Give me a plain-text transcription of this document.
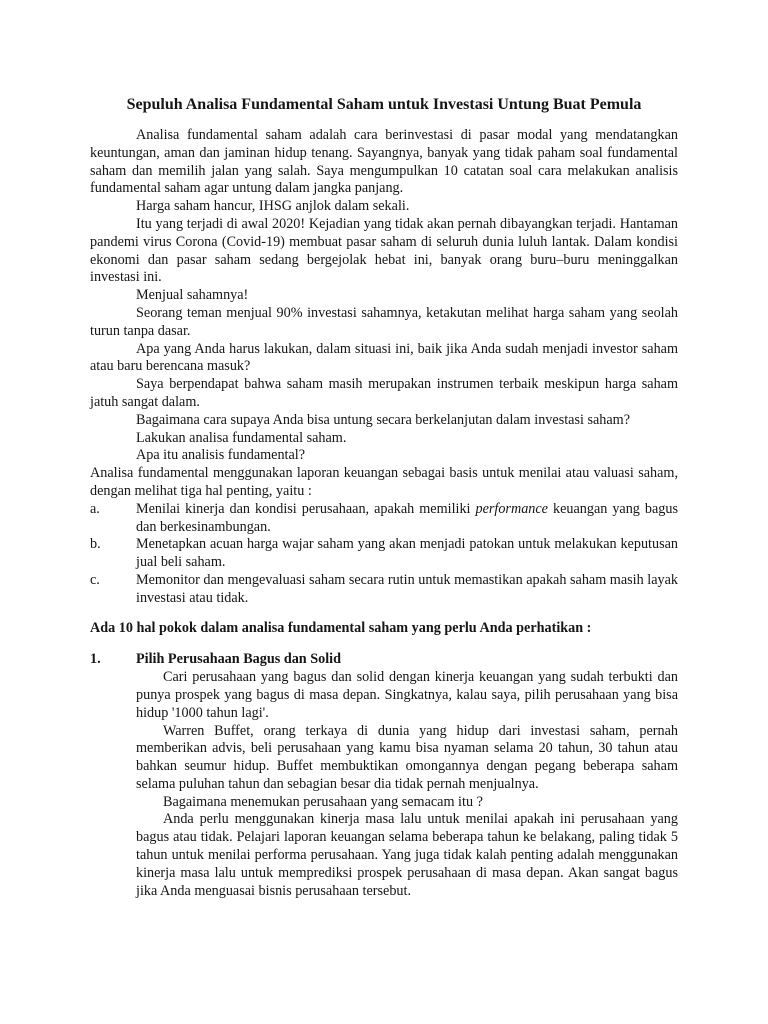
Sepuluh Analisa Fundamental Saham untuk Investasi Untung Buat Pemula

Analisa fundamental saham adalah cara berinvestasi di pasar modal yang mendatangkan keuntungan, aman dan jaminan hidup tenang. Sayangnya, banyak yang tidak paham soal fundamental saham dan memilih jalan yang salah. Saya mengumpulkan 10 catatan soal cara melakukan analisis fundamental saham agar untung dalam jangka panjang.

Harga saham hancur, IHSG anjlok dalam sekali.

Itu yang terjadi di awal 2020! Kejadian yang tidak akan pernah dibayangkan terjadi. Hantaman pandemi virus Corona (Covid-19) membuat pasar saham di seluruh dunia luluh lantak. Dalam kondisi ekonomi dan pasar saham sedang bergejolak hebat ini, banyak orang buru–buru meninggalkan investasi ini.

Menjual sahamnya!

Seorang teman menjual 90% investasi sahamnya, ketakutan melihat harga saham yang seolah turun tanpa dasar.

Apa yang Anda harus lakukan, dalam situasi ini, baik jika Anda sudah menjadi investor saham atau baru berencana masuk?

Saya berpendapat bahwa saham masih merupakan instrumen terbaik meskipun harga saham jatuh sangat dalam.

Bagaimana cara supaya Anda bisa untung secara berkelanjutan dalam investasi saham?

Lakukan analisa fundamental saham.

Apa itu analisis fundamental?

Analisa fundamental menggunakan laporan keuangan sebagai basis untuk menilai atau valuasi saham, dengan melihat tiga hal penting, yaitu :

a.	Menilai kinerja dan kondisi perusahaan, apakah memiliki performance keuangan yang bagus dan berkesinambungan.
b.	Menetapkan acuan harga wajar saham yang akan menjadi patokan untuk melakukan keputusan jual beli saham.
c.	Memonitor dan mengevaluasi saham secara rutin untuk memastikan apakah saham masih layak investasi atau tidak.

Ada 10 hal pokok dalam analisa fundamental saham yang perlu Anda perhatikan :

1.	Pilih Perusahaan Bagus dan Solid

Cari perusahaan yang bagus dan solid dengan kinerja keuangan yang sudah terbukti dan punya prospek yang bagus di masa depan. Singkatnya, kalau saya, pilih perusahaan yang bisa hidup '1000 tahun lagi'.

Warren Buffet, orang terkaya di dunia yang hidup dari investasi saham, pernah memberikan advis, beli perusahaan yang kamu bisa nyaman selama 20 tahun, 30 tahun atau bahkan seumur hidup. Buffet membuktikan omongannya dengan pegang beberapa saham selama puluhan tahun dan sebagian besar dia tidak pernah menjualnya.

Bagaimana menemukan perusahaan yang semacam itu ?

Anda perlu menggunakan kinerja masa lalu untuk menilai apakah ini perusahaan yang bagus atau tidak. Pelajari laporan keuangan selama beberapa tahun ke belakang, paling tidak 5 tahun untuk menilai performa perusahaan. Yang juga tidak kalah penting adalah menggunakan kinerja masa lalu untuk memprediksi prospek perusahaan di masa depan. Akan sangat bagus jika Anda menguasai bisnis perusahaan tersebut.
